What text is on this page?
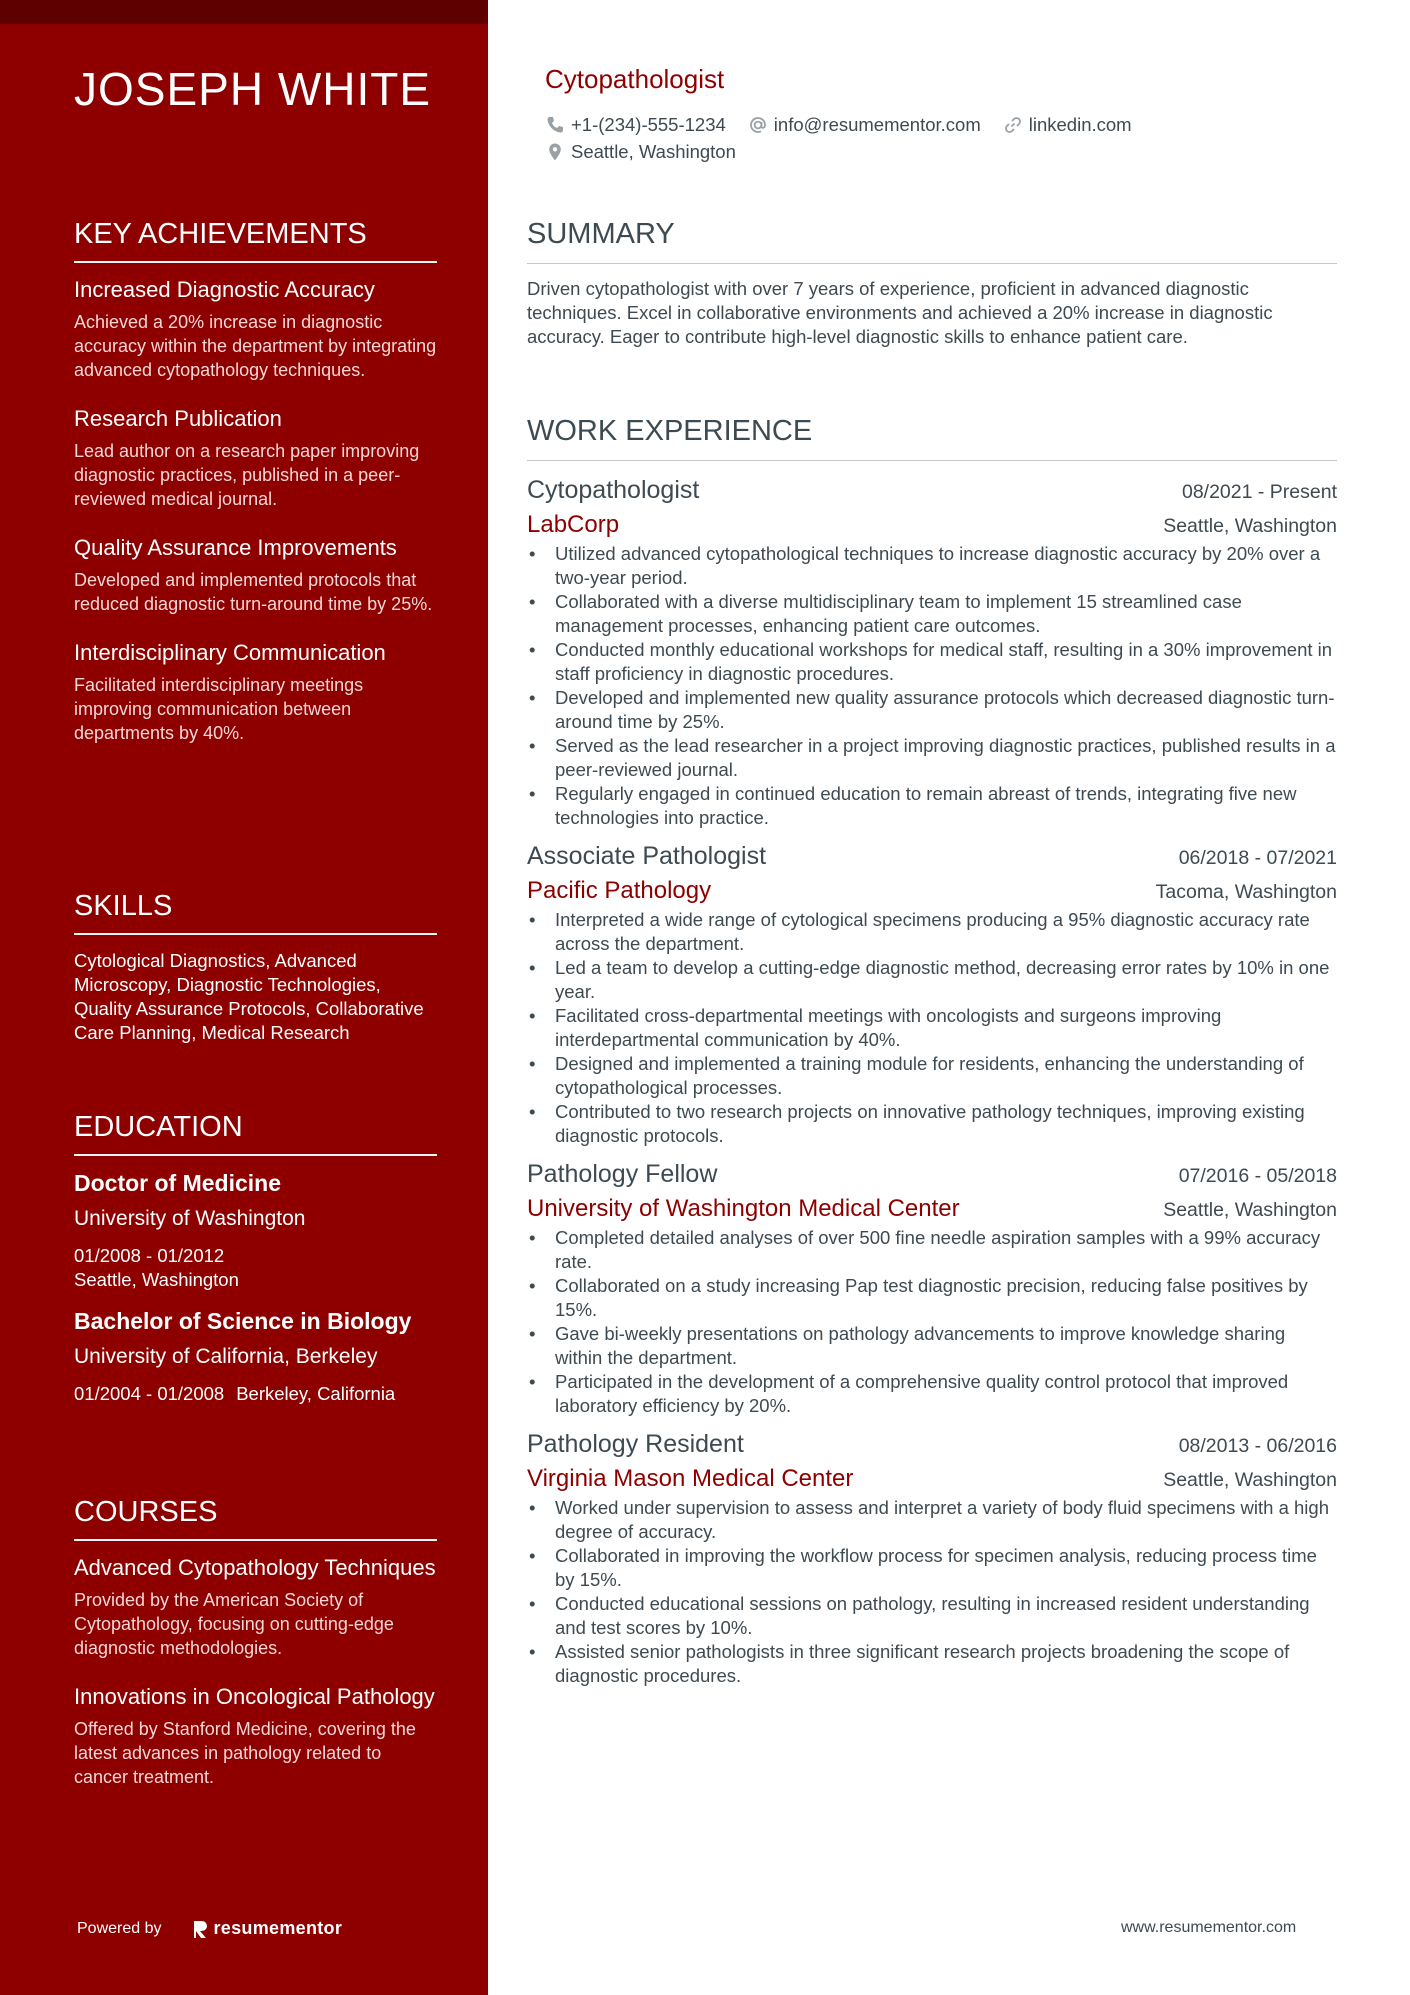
JOSEPH WHITE
KEY ACHIEVEMENTS
Increased Diagnostic Accuracy
Achieved a 20% increase in diagnostic accuracy within the department by integrating advanced cytopathology techniques.
Research Publication
Lead author on a research paper improving diagnostic practices, published in a peer-reviewed medical journal.
Quality Assurance Improvements
Developed and implemented protocols that reduced diagnostic turn-around time by 25%.
Interdisciplinary Communication
Facilitated interdisciplinary meetings improving communication between departments by 40%.
SKILLS
Cytological Diagnostics, Advanced Microscopy, Diagnostic Technologies, Quality Assurance Protocols, Collaborative Care Planning, Medical Research
EDUCATION
Doctor of Medicine
University of Washington
01/2008 - 01/2012
Seattle, Washington
Bachelor of Science in Biology
University of California, Berkeley
01/2004 - 01/2008 Berkeley, California
COURSES
Advanced Cytopathology Techniques
Provided by the American Society of Cytopathology, focusing on cutting-edge diagnostic methodologies.
Innovations in Oncological Pathology
Offered by Stanford Medicine, covering the latest advances in pathology related to cancer treatment.
Powered by	resumementor
Cytopathologist
+1-(234)-555-1234	info@resumementor.com	linkedin.com
Seattle, Washington
SUMMARY
Driven cytopathologist with over 7 years of experience, proficient in advanced diagnostic techniques. Excel in collaborative environments and achieved a 20% increase in diagnostic accuracy. Eager to contribute high-level diagnostic skills to enhance patient care.
WORK EXPERIENCE
Cytopathologist	08/2021 - Present
LabCorp	Seattle, Washington
• Utilized advanced cytopathological techniques to increase diagnostic accuracy by 20% over a two-year period.
• Collaborated with a diverse multidisciplinary team to implement 15 streamlined case management processes, enhancing patient care outcomes.
• Conducted monthly educational workshops for medical staff, resulting in a 30% improvement in staff proficiency in diagnostic procedures.
• Developed and implemented new quality assurance protocols which decreased diagnostic turn-around time by 25%.
• Served as the lead researcher in a project improving diagnostic practices, published results in a peer-reviewed journal.
• Regularly engaged in continued education to remain abreast of trends, integrating five new technologies into practice.
Associate Pathologist	06/2018 - 07/2021
Pacific Pathology	Tacoma, Washington
• Interpreted a wide range of cytological specimens producing a 95% diagnostic accuracy rate across the department.
• Led a team to develop a cutting-edge diagnostic method, decreasing error rates by 10% in one year.
• Facilitated cross-departmental meetings with oncologists and surgeons improving interdepartmental communication by 40%.
• Designed and implemented a training module for residents, enhancing the understanding of cytopathological processes.
• Contributed to two research projects on innovative pathology techniques, improving existing diagnostic protocols.
Pathology Fellow	07/2016 - 05/2018
University of Washington Medical Center	Seattle, Washington
• Completed detailed analyses of over 500 fine needle aspiration samples with a 99% accuracy rate.
• Collaborated on a study increasing Pap test diagnostic precision, reducing false positives by 15%.
• Gave bi-weekly presentations on pathology advancements to improve knowledge sharing within the department.
• Participated in the development of a comprehensive quality control protocol that improved laboratory efficiency by 20%.
Pathology Resident	08/2013 - 06/2016
Virginia Mason Medical Center	Seattle, Washington
• Worked under supervision to assess and interpret a variety of body fluid specimens with a high degree of accuracy.
• Collaborated in improving the workflow process for specimen analysis, reducing process time by 15%.
• Conducted educational sessions on pathology, resulting in increased resident understanding and test scores by 10%.
• Assisted senior pathologists in three significant research projects broadening the scope of diagnostic procedures.
www.resumementor.com
